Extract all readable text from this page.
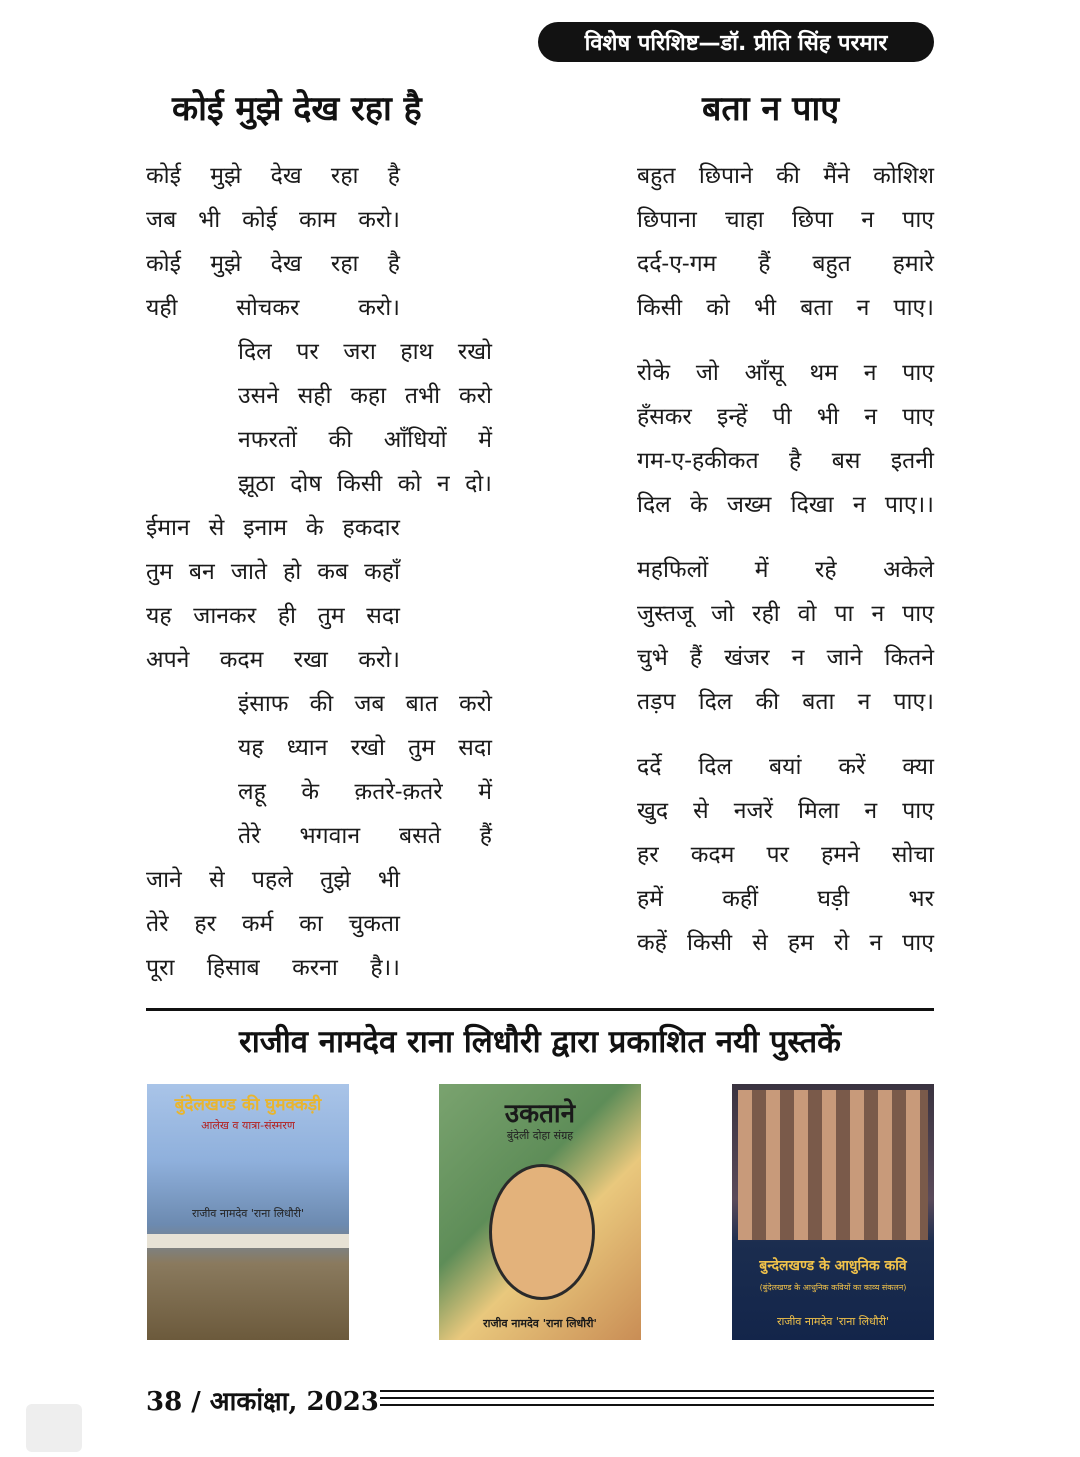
विशेष परिशिष्ट—डॉ. प्रीति सिंह परमार
कोई मुझे देख रहा है	बता न पाए
कोई मुझे देख रहा है
जब भी कोई काम करो।
कोई मुझे देख रहा है
यही	सोचकर	करो।
दिल पर जरा हाथ रखो
उसने सही कहा तभी करो
नफरतों की आँधियों में
झूठा दोष किसी को न दो।
ईमान से इनाम के हकदार
तुम बन जाते हो कब कहाँ
यह जानकर ही तुम सदा
अपने कदम रखा करो।
इंसाफ की जब बात करो
यह ध्यान रखो तुम सदा
लहू के क़तरे-क़तरे में
तेरे भगवान बसते हैं
जाने से पहले तुझे भी
तेरे हर कर्म का चुकता
पूरा हिसाब करना है।।
बहुत छिपाने की मैंने कोशिश
छिपाना चाहा छिपा न पाए
दर्द-ए-गम हैं बहुत हमारे
किसी को भी बता न पाए।
रोके जो आँसू थम न पाए
हँसकर इन्हें पी भी न पाए
गम-ए-हकीकत है बस इतनी
दिल के जख्म दिखा न पाए।।
महफिलों में रहे अकेले
जुस्तजू जो रही वो पा न पाए
चुभे हैं खंजर न जाने कितने
तड़प दिल की बता न पाए।
दर्दे दिल बयां करें क्या
खुद से नजरें मिला न पाए
हर कदम पर हमने सोचा
हमें	कहीं	घड़ी	भर
कहें किसी से हम रो न पाए
राजीव नामदेव राना लिधौरी द्वारा प्रकाशित नयी पुस्तकें
बुंदेलखण्ड की घुमक्कड़ी
आलेख व यात्रा-संस्मरण
राजीव नामदेव 'राना लिधौरी'
उकताने
बुंदेली दोहा संग्रह
राजीव नामदेव 'राना लिधौरी'
बुन्देलखण्ड के आधुनिक कवि
(बुंदेलखण्ड के आधुनिक कवियों का काव्य संकलन)
राजीव नामदेव 'राना लिधौरी'
38 / आकांक्षा, 2023
